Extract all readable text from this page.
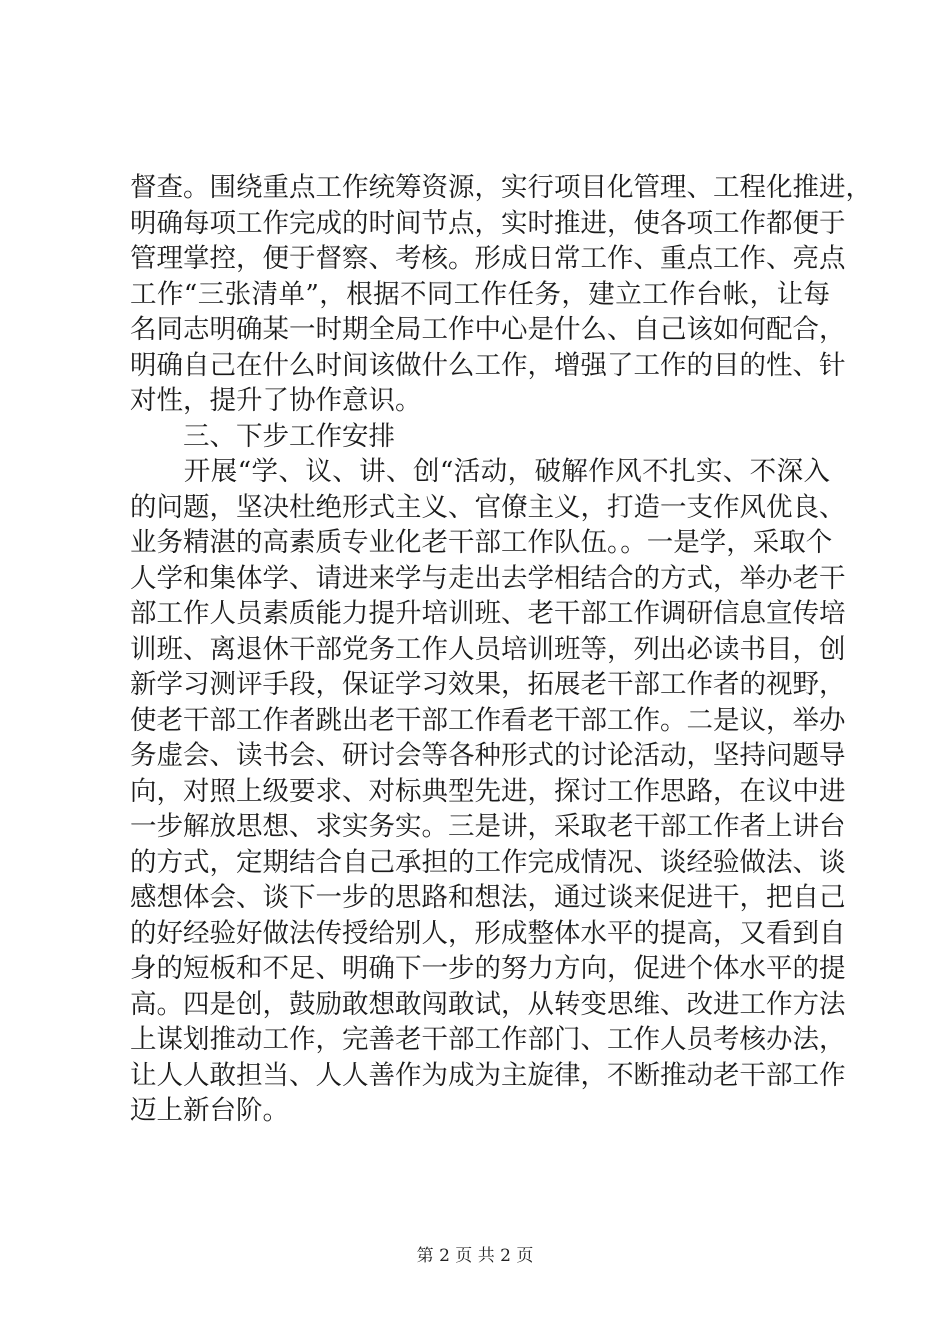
督查。围绕重点工作统筹资源，实行项目化管理、工程化推进，
明确每项工作完成的时间节点，实时推进，使各项工作都便于
管理掌控，便于督察、考核。形成日常工作、重点工作、亮点
工作“三张清单”，根据不同工作任务，建立工作台帐，让每
名同志明确某一时期全局工作中心是什么、自己该如何配合，
明确自己在什么时间该做什么工作，增强了工作的目的性、针
对性，提升了协作意识。
　　三、下步工作安排
　　开展“学、议、讲、创“活动，破解作风不扎实、不深入
的问题，坚决杜绝形式主义、官僚主义，打造一支作风优良、
业务精湛的高素质专业化老干部工作队伍。。一是学，采取个
人学和集体学、请进来学与走出去学相结合的方式，举办老干
部工作人员素质能力提升培训班、老干部工作调研信息宣传培
训班、离退休干部党务工作人员培训班等，列出必读书目，创
新学习测评手段，保证学习效果，拓展老干部工作者的视野，
使老干部工作者跳出老干部工作看老干部工作。二是议，举办
务虚会、读书会、研讨会等各种形式的讨论活动，坚持问题导
向，对照上级要求、对标典型先进，探讨工作思路，在议中进
一步解放思想、求实务实。三是讲，采取老干部工作者上讲台
的方式，定期结合自己承担的工作完成情况、谈经验做法、谈
感想体会、谈下一步的思路和想法，通过谈来促进干，把自己
的好经验好做法传授给别人，形成整体水平的提高，又看到自
身的短板和不足、明确下一步的努力方向，促进个体水平的提
高。四是创，鼓励敢想敢闯敢试，从转变思维、改进工作方法
上谋划推动工作，完善老干部工作部门、工作人员考核办法，
让人人敢担当、人人善作为成为主旋律，不断推动老干部工作
迈上新台阶。
第 2 页 共 2 页
